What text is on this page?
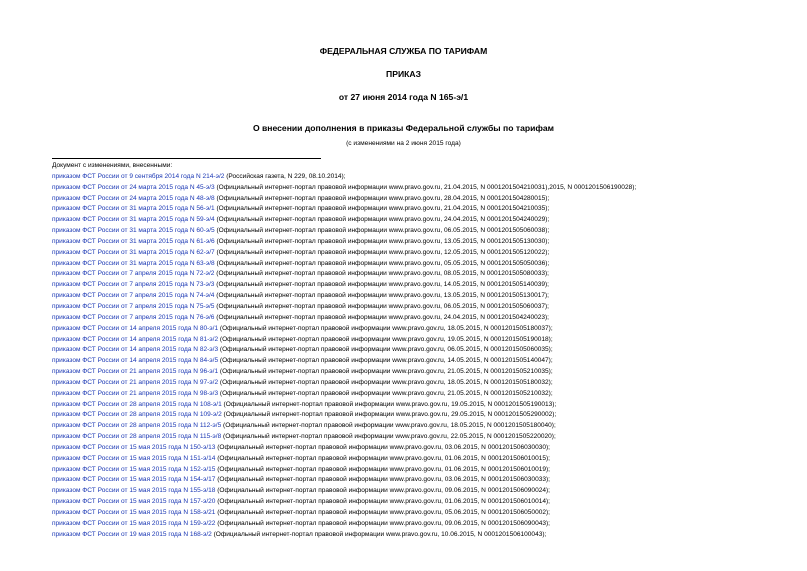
ФЕДЕРАЛЬНАЯ СЛУЖБА ПО ТАРИФАМ
ПРИКАЗ
от 27 июня 2014 года N 165-э/1
О внесении дополнения в приказы Федеральной службы по тарифам
(с изменениями на 2 июня 2015 года)
Документ с изменениями, внесенными:
приказом ФСТ России от 9 сентября 2014 года N 214-э/2 (Российская газета, N 229, 08.10.2014);
приказом ФСТ России от 24 марта 2015 года N 45-э/3 (Официальный интернет-портал правовой информации www.pravo.gov.ru, 21.04.2015, N 0001201504210031),2015, N 0001201506190028);
приказом ФСТ России от 24 марта 2015 года N 48-э/8 (Официальный интернет-портал правовой информации www.pravo.gov.ru, 28.04.2015, N 0001201504280015);
приказом ФСТ России от 31 марта 2015 года N 56-э/1 (Официальный интернет-портал правовой информации www.pravo.gov.ru, 21.04.2015, N 0001201504210035);
приказом ФСТ России от 31 марта 2015 года N 59-э/4 (Официальный интернет-портал правовой информации www.pravo.gov.ru, 24.04.2015, N 0001201504240029);
приказом ФСТ России от 31 марта 2015 года N 60-э/5 (Официальный интернет-портал правовой информации www.pravo.gov.ru, 06.05.2015, N 0001201505060038);
приказом ФСТ России от 31 марта 2015 года N 61-э/6 (Официальный интернет-портал правовой информации www.pravo.gov.ru, 13.05.2015, N 0001201505130030);
приказом ФСТ России от 31 марта 2015 года N 62-э/7 (Официальный интернет-портал правовой информации www.pravo.gov.ru, 12.05.2015, N 0001201505120022);
приказом ФСТ России от 31 марта 2015 года N 63-э/8 (Официальный интернет-портал правовой информации www.pravo.gov.ru, 05.05.2015, N 0001201505050036);
приказом ФСТ России от 7 апреля 2015 года N 72-э/2 (Официальный интернет-портал правовой информации www.pravo.gov.ru, 08.05.2015, N 0001201505080033);
приказом ФСТ России от 7 апреля 2015 года N 73-э/3 (Официальный интернет-портал правовой информации www.pravo.gov.ru, 14.05.2015, N 0001201505140039);
приказом ФСТ России от 7 апреля 2015 года N 74-э/4 (Официальный интернет-портал правовой информации www.pravo.gov.ru, 13.05.2015, N 0001201505130017);
приказом ФСТ России от 7 апреля 2015 года N 75-э/5 (Официальный интернет-портал правовой информации www.pravo.gov.ru, 06.05.2015, N 0001201505060037);
приказом ФСТ России от 7 апреля 2015 года N 76-э/6 (Официальный интернет-портал правовой информации www.pravo.gov.ru, 24.04.2015, N 0001201504240023);
приказом ФСТ России от 14 апреля 2015 года N 80-э/1 (Официальный интернет-портал правовой информации www.pravo.gov.ru, 18.05.2015, N 0001201505180037);
приказом ФСТ России от 14 апреля 2015 года N 81-э/2 (Официальный интернет-портал правовой информации www.pravo.gov.ru, 19.05.2015, N 0001201505190018);
приказом ФСТ России от 14 апреля 2015 года N 82-э/3 (Официальный интернет-портал правовой информации www.pravo.gov.ru, 06.05.2015, N 0001201505060035);
приказом ФСТ России от 14 апреля 2015 года N 84-э/5 (Официальный интернет-портал правовой информации www.pravo.gov.ru, 14.05.2015, N 0001201505140047);
приказом ФСТ России от 21 апреля 2015 года N 96-э/1 (Официальный интернет-портал правовой информации www.pravo.gov.ru, 21.05.2015, N 0001201505210035);
приказом ФСТ России от 21 апреля 2015 года N 97-э/2 (Официальный интернет-портал правовой информации www.pravo.gov.ru, 18.05.2015, N 0001201505180032);
приказом ФСТ России от 21 апреля 2015 года N 98-э/3 (Официальный интернет-портал правовой информации www.pravo.gov.ru, 21.05.2015, N 0001201505210032);
приказом ФСТ России от 28 апреля 2015 года N 108-э/1 (Официальный интернет-портал правовой информации www.pravo.gov.ru, 19.05.2015, N 0001201505190013);
приказом ФСТ России от 28 апреля 2015 года N 109-э/2 (Официальный интернет-портал правовой информации www.pravo.gov.ru, 29.05.2015, N 0001201505290002);
приказом ФСТ России от 28 апреля 2015 года N 112-э/5 (Официальный интернет-портал правовой информации www.pravo.gov.ru, 18.05.2015, N 0001201505180040);
приказом ФСТ России от 28 апреля 2015 года N 115-э/8 (Официальный интернет-портал правовой информации www.pravo.gov.ru, 22.05.2015, N 0001201505220020);
приказом ФСТ России от 15 мая 2015 года N 150-э/13 (Официальный интернет-портал правовой информации www.pravo.gov.ru, 03.06.2015, N 0001201506030030);
приказом ФСТ России от 15 мая 2015 года N 151-э/14 (Официальный интернет-портал правовой информации www.pravo.gov.ru, 01.06.2015, N 0001201506010015);
приказом ФСТ России от 15 мая 2015 года N 152-э/15 (Официальный интернет-портал правовой информации www.pravo.gov.ru, 01.06.2015, N 0001201506010019);
приказом ФСТ России от 15 мая 2015 года N 154-э/17 (Официальный интернет-портал правовой информации www.pravo.gov.ru, 03.06.2015, N 0001201506030033);
приказом ФСТ России от 15 мая 2015 года N 155-э/18 (Официальный интернет-портал правовой информации www.pravo.gov.ru, 09.06.2015, N 0001201506090024);
приказом ФСТ России от 15 мая 2015 года N 157-э/20 (Официальный интернет-портал правовой информации www.pravo.gov.ru, 01.06.2015, N 0001201506010014);
приказом ФСТ России от 15 мая 2015 года N 158-э/21 (Официальный интернет-портал правовой информации www.pravo.gov.ru, 05.06.2015, N 0001201506050002);
приказом ФСТ России от 15 мая 2015 года N 159-э/22 (Официальный интернет-портал правовой информации www.pravo.gov.ru, 09.06.2015, N 0001201506090043);
приказом ФСТ России от 19 мая 2015 года N 168-э/2 (Официальный интернет-портал правовой информации www.pravo.gov.ru, 10.06.2015, N 0001201506100043);
